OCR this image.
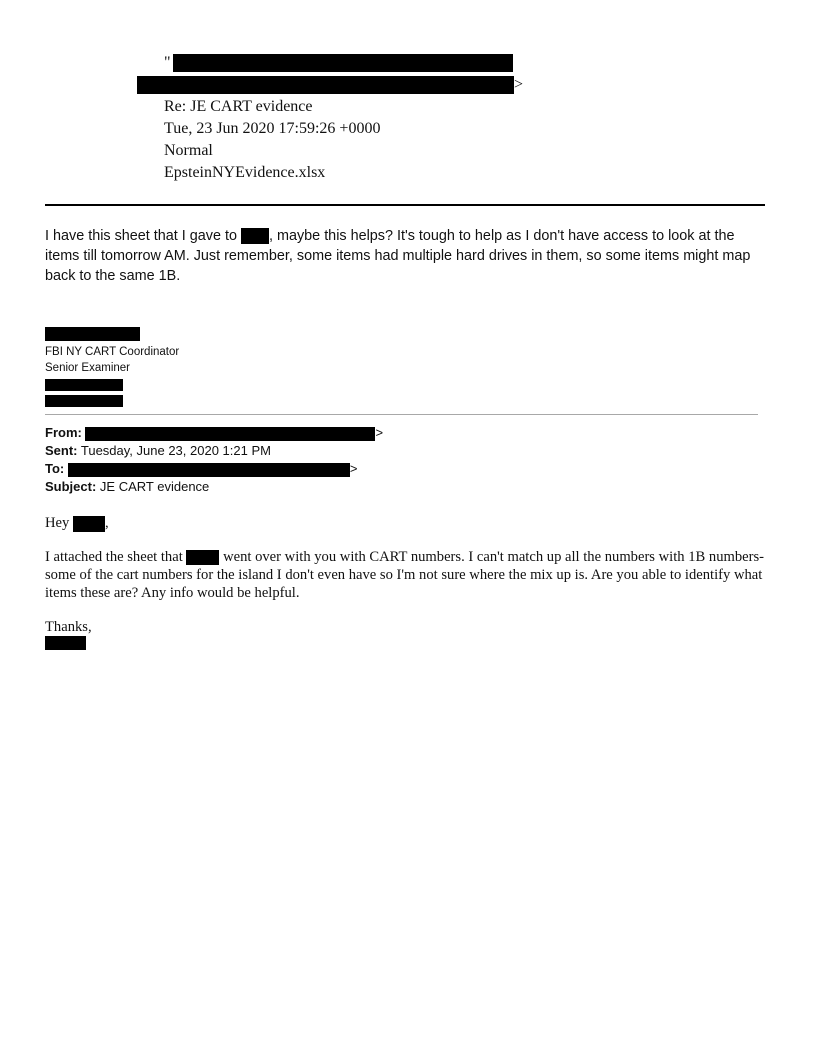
"
>
Re: JE CART evidence
Tue, 23 Jun 2020 17:59:26 +0000
Normal
EpsteinNYEvidence.xlsx
I have this sheet that I gave to , maybe this helps? It's tough to help as I don't have access to look at the items till tomorrow AM. Just remember, some items had multiple hard drives in them, so some items might map back to the same 1B.
FBI NY CART Coordinator
Senior Examiner
From:	>
Sent: Tuesday, June 23, 2020 1:21 PM
To:	>
Subject: JE CART evidence

Hey ,

I attached the sheet that  went over with you with CART numbers. I can't match up all the numbers with 1B numbers- some of the cart numbers for the island I don't even have so I'm not sure where the mix up is. Are you able to identify what items these are? Any info would be helpful.

Thanks,
